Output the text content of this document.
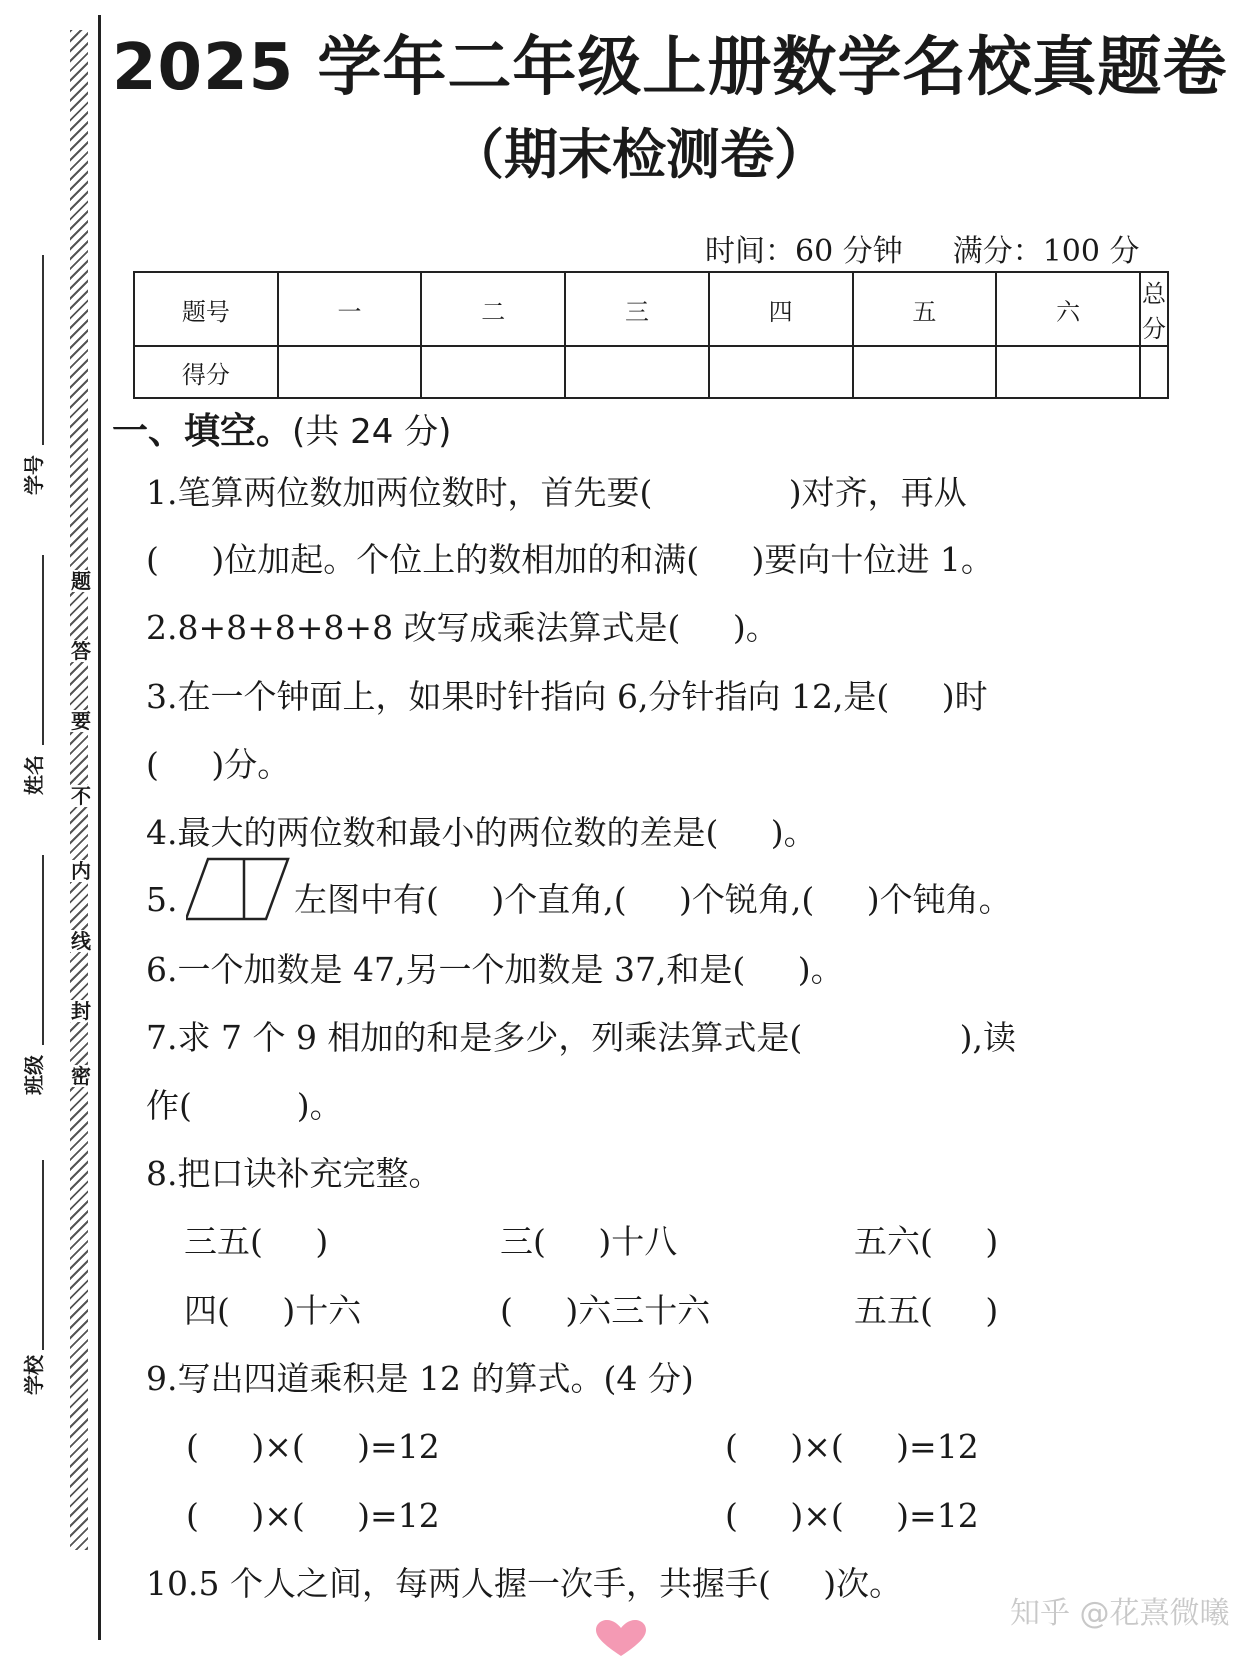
题
答
要
不
内
线
封
密
学号
姓名
班级
学校
2025 学年二年级上册数学名校真题卷
（期末检测卷）
时间：60 分钟 满分：100 分
题号	一	二	三	四	五	六	总分
得分							
一、填空。(共 24 分)
1.笔算两位数加两位数时，首先要(             )对齐，再从
(     )位加起。个位上的数相加的和满(     )要向十位进 1。
2.8+8+8+8+8 改写成乘法算式是(     )。
3.在一个钟面上，如果时针指向 6,分针指向 12,是(     )时
(     )分。
4.最大的两位数和最小的两位数的差是(     )。
5.	左图中有(     )个直角,(     )个锐角,(     )个钝角。
6.一个加数是 47,另一个加数是 37,和是(     )。
7.求 7 个 9 相加的和是多少，列乘法算式是(               ),读
作(          )。
8.把口诀补充完整。
三五(     )	三(     )十八	五六(     )
四(     )十六	(     )六三十六	五五(     )
9.写出四道乘积是 12 的算式。(4 分)
(     )×(     )=12	(     )×(     )=12
(     )×(     )=12	(     )×(     )=12
10.5 个人之间，每两人握一次手，共握手(     )次。
知乎 @花熹微曦
